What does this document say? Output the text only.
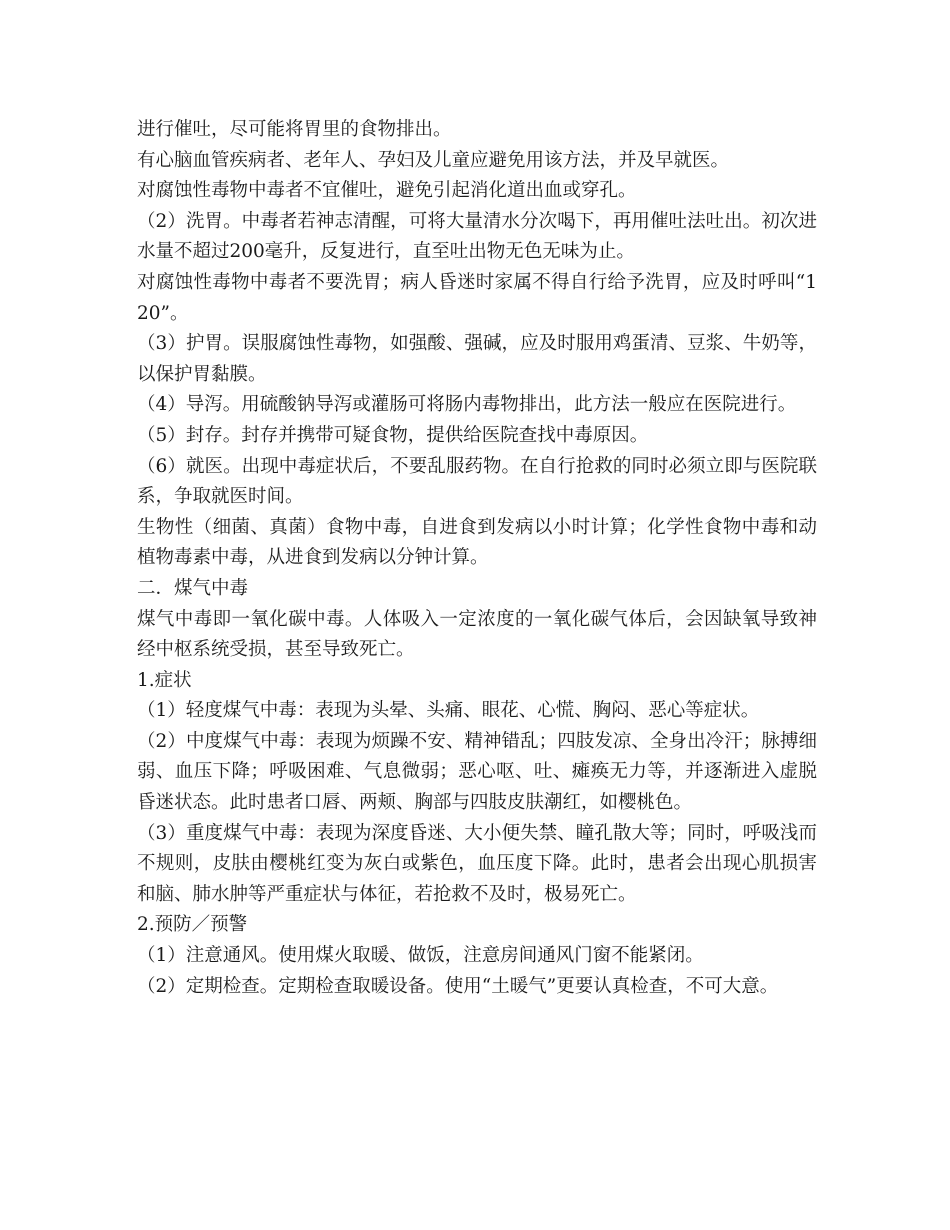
进行催吐，尽可能将胃里的食物排出。

有心脑血管疾病者、老年人、孕妇及儿童应避免用该方法，并及早就医。

对腐蚀性毒物中毒者不宜催吐，避免引起消化道出血或穿孔。

（2）洗胃。中毒者若神志清醒，可将大量清水分次喝下，再用催吐法吐出。初次进水量不超过200毫升，反复进行，直至吐出物无色无味为止。

对腐蚀性毒物中毒者不要洗胃；病人昏迷时家属不得自行给予洗胃，应及时呼叫“120”。

（3）护胃。误服腐蚀性毒物，如强酸、强碱，应及时服用鸡蛋清、豆浆、牛奶等，以保护胃黏膜。

（4）导泻。用硫酸钠导泻或灌肠可将肠内毒物排出，此方法一般应在医院进行。

（5）封存。封存并携带可疑食物，提供给医院查找中毒原因。

（6）就医。出现中毒症状后，不要乱服药物。在自行抢救的同时必须立即与医院联系，争取就医时间。

生物性（细菌、真菌）食物中毒，自进食到发病以小时计算；化学性食物中毒和动植物毒素中毒，从进食到发病以分钟计算。

二．煤气中毒

煤气中毒即一氧化碳中毒。人体吸入一定浓度的一氧化碳气体后，会因缺氧导致神经中枢系统受损，甚至导致死亡。

1.症状

（1）轻度煤气中毒：表现为头晕、头痛、眼花、心慌、胸闷、恶心等症状。

（2）中度煤气中毒：表现为烦躁不安、精神错乱；四肢发凉、全身出冷汗；脉搏细弱、血压下降；呼吸困难、气息微弱；恶心呕、吐、瘫痪无力等，并逐渐进入虚脱昏迷状态。此时患者口唇、两颊、胸部与四肢皮肤潮红，如樱桃色。

（3）重度煤气中毒：表现为深度昏迷、大小便失禁、瞳孔散大等；同时，呼吸浅而不规则，皮肤由樱桃红变为灰白或紫色，血压度下降。此时，患者会出现心肌损害和脑、肺水肿等严重症状与体征，若抢救不及时，极易死亡。

2.预防／预警

（1）注意通风。使用煤火取暖、做饭，注意房间通风门窗不能紧闭。

（2）定期检查。定期检查取暖设备。使用“土暖气”更要认真检查，不可大意。
